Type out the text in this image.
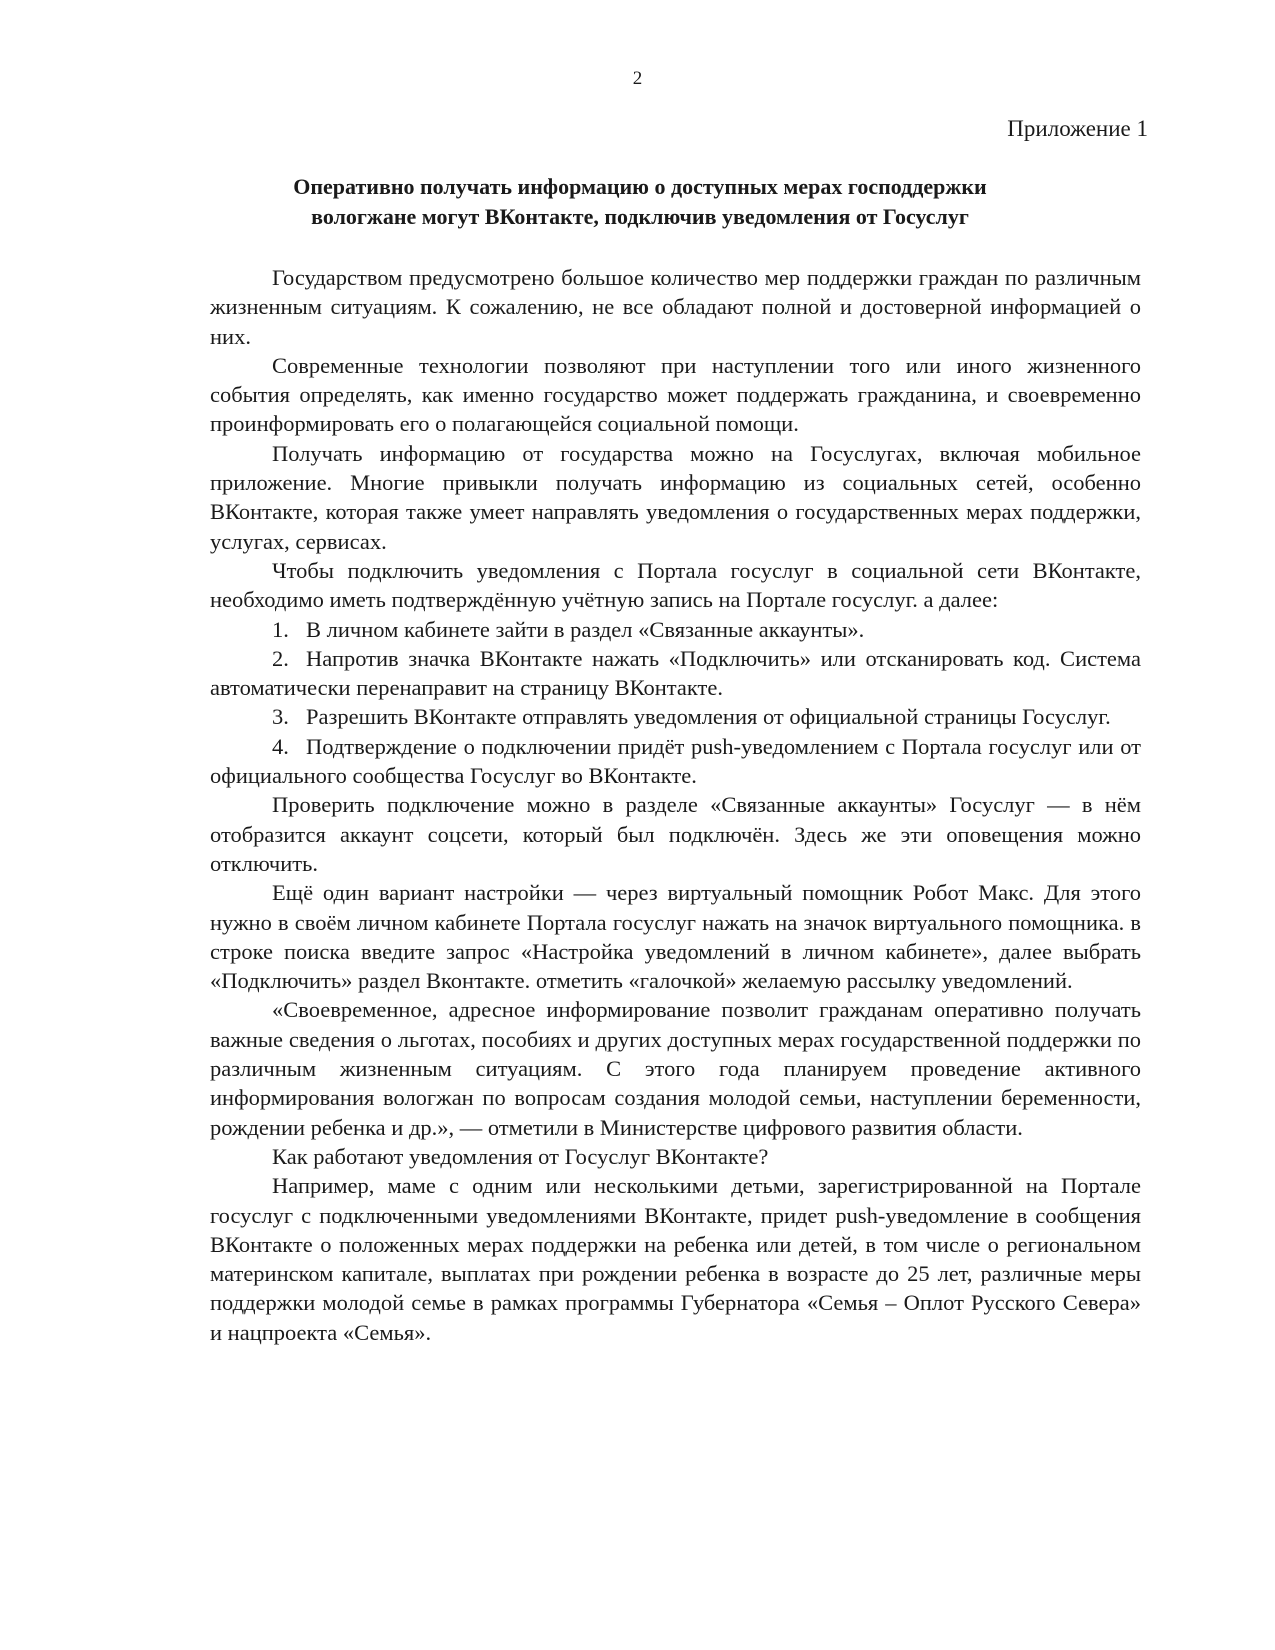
2
Приложение 1
Оперативно получать информацию о доступных мерах господдержки
вологжане могут ВКонтакте, подключив уведомления от Госуслуг

Государством предусмотрено большое количество мер поддержки граждан по различным жизненным ситуациям. К сожалению, не все обладают полной и достоверной информацией о них.

Современные технологии позволяют при наступлении того или иного жизненного события определять, как именно государство может поддержать гражданина, и своевременно проинформировать его о полагающейся социальной помощи.

Получать информацию от государства можно на Госуслугах, включая мобильное приложение. Многие привыкли получать информацию из социальных сетей, особенно ВКонтакте, которая также умеет направлять уведомления о государственных мерах поддержки, услугах, сервисах.

Чтобы подключить уведомления с Портала госуслуг в социальной сети ВКонтакте, необходимо иметь подтверждённую учётную запись на Портале госуслуг. а далее:

1. В личном кабинете зайти в раздел «Связанные аккаунты».

2. Напротив значка ВКонтакте нажать «Подключить» или отсканировать код. Система автоматически перенаправит на страницу ВКонтакте.

3. Разрешить ВКонтакте отправлять уведомления от официальной страницы Госуслуг.

4. Подтверждение о подключении придёт push-уведомлением с Портала госуслуг или от официального сообщества Госуслуг во ВКонтакте.

Проверить подключение можно в разделе «Связанные аккаунты» Госуслуг — в нём отобразится аккаунт соцсети, который был подключён. Здесь же эти оповещения можно отключить.

Ещё один вариант настройки — через виртуальный помощник Робот Макс. Для этого нужно в своём личном кабинете Портала госуслуг нажать на значок виртуального помощника. в строке поиска введите запрос «Настройка уведомлений в личном кабинете», далее выбрать «Подключить» раздел Вконтакте. отметить «галочкой» желаемую рассылку уведомлений.

«Своевременное, адресное информирование позволит гражданам оперативно получать важные сведения о льготах, пособиях и других доступных мерах государственной поддержки по различным жизненным ситуациям. С этого года планируем проведение активного информирования вологжан по вопросам создания молодой семьи, наступлении беременности, рождении ребенка и др.», — отметили в Министерстве цифрового развития области.

Как работают уведомления от Госуслуг ВКонтакте?

Например, маме с одним или несколькими детьми, зарегистрированной на Портале госуслуг с подключенными уведомлениями ВКонтакте, придет push-уведомление в сообщения ВКонтакте о положенных мерах поддержки на ребенка или детей, в том числе о региональном материнском капитале, выплатах при рождении ребенка в возрасте до 25 лет, различные меры поддержки молодой семье в рамках программы Губернатора «Семья – Оплот Русского Севера» и нацпроекта «Семья».
